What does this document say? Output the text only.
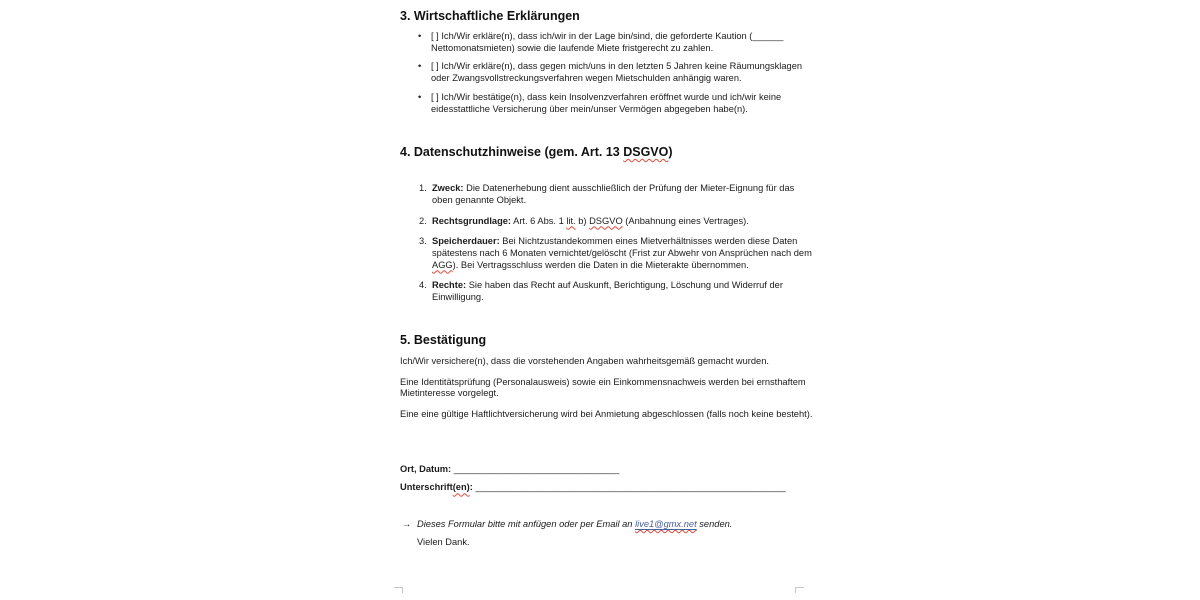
3. Wirtschaftliche Erklärungen
• [ ] Ich/Wir erkläre(n), dass ich/wir in der Lage bin/sind, die geforderte Kaution (______ Nettomonatsmieten) sowie die laufende Miete fristgerecht zu zahlen.
• [ ] Ich/Wir erkläre(n), dass gegen mich/uns in den letzten 5 Jahren keine Räumungsklagen oder Zwangsvollstreckungsverfahren wegen Mietschulden anhängig waren.
• [ ] Ich/Wir bestätige(n), dass kein Insolvenzverfahren eröffnet wurde und ich/wir keine eidesstattliche Versicherung über mein/unser Vermögen abgegeben habe(n).
4. Datenschutzhinweise (gem. Art. 13 DSGVO)
1. Zweck: Die Datenerhebung dient ausschließlich der Prüfung der Mieter-Eignung für das oben genannte Objekt.
2. Rechtsgrundlage: Art. 6 Abs. 1 lit. b) DSGVO (Anbahnung eines Vertrages).
3. Speicherdauer: Bei Nichtzustandekommen eines Mietverhältnisses werden diese Daten spätestens nach 6 Monaten vernichtet/gelöscht (Frist zur Abwehr von Ansprüchen nach dem AGG). Bei Vertragsschluss werden die Daten in die Mieterakte übernommen.
4. Rechte: Sie haben das Recht auf Auskunft, Berichtigung, Löschung und Widerruf der Einwilligung.
5. Bestätigung

Ich/Wir versichere(n), dass die vorstehenden Angaben wahrheitsgemäß gemacht wurden.

Eine Identitätsprüfung (Personalausweis) sowie ein Einkommensnachweis werden bei ernsthaftem Mietinteresse vorgelegt.

Eine eine gültige Haftlichtversicherung wird bei Anmietung abgeschlossen (falls noch keine besteht).

Ort, Datum: ________________________________
Unterschrift(en): ____________________________________________________________
→ Dieses Formular bitte mit anfügen oder per Email an live1@gmx.net senden.
Vielen Dank.
